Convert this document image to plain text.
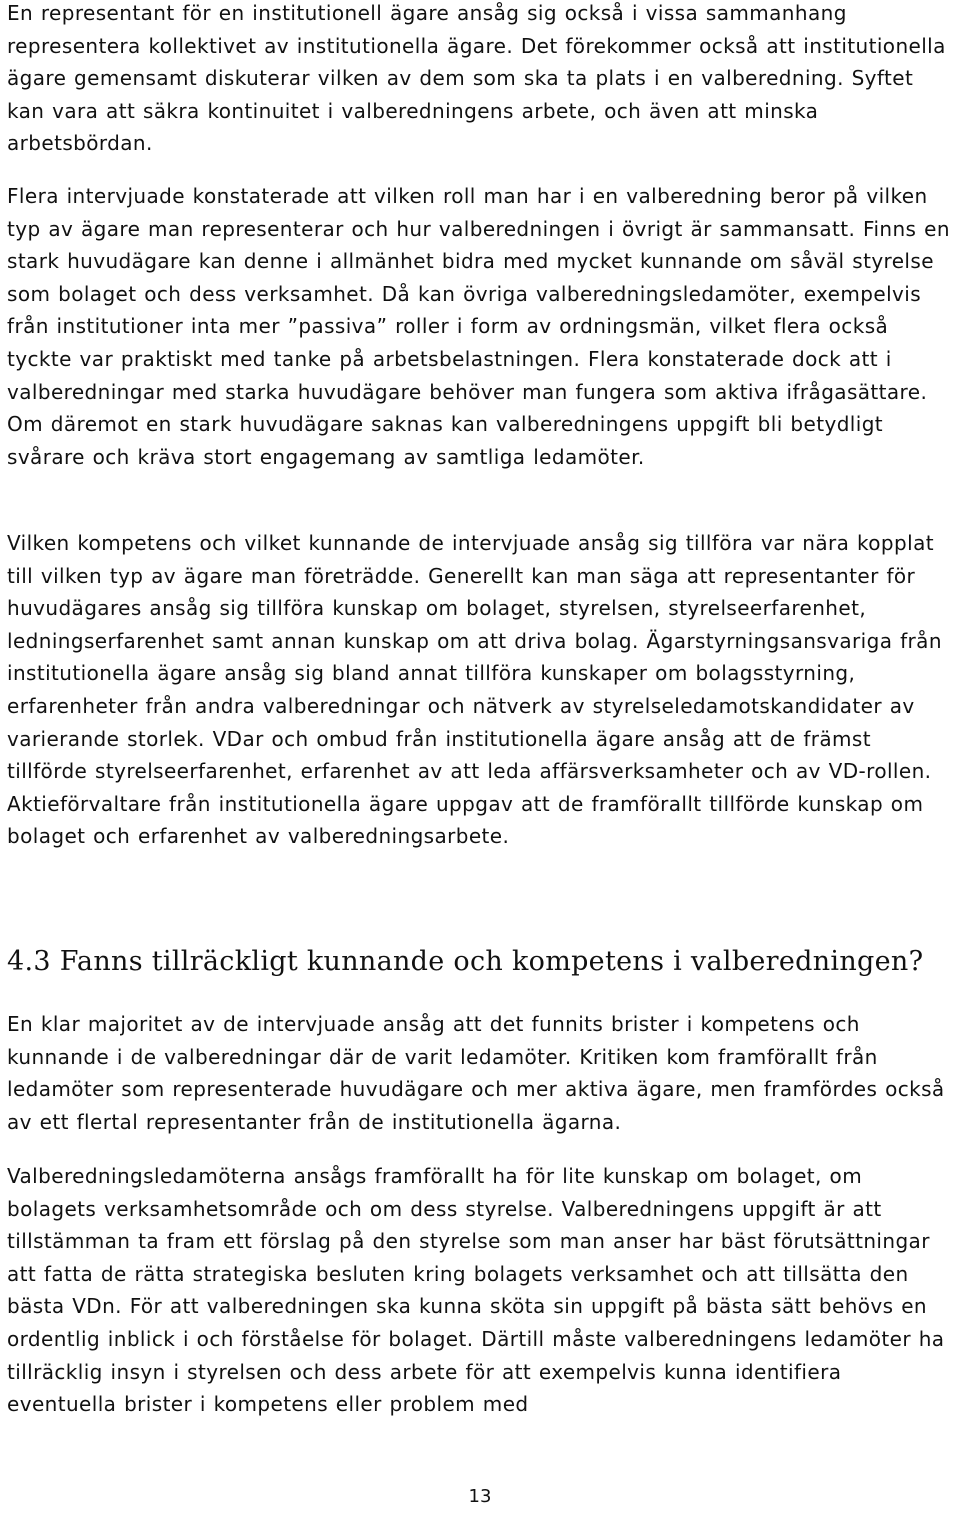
En representant för en institutionell ägare ansåg sig också i vissa sammanhang representera kollektivet av institutionella ägare. Det förekommer också att institutionella ägare gemensamt diskuterar vilken av dem som ska ta plats i en valberedning. Syftet kan vara att säkra kontinuitet i valberedningens arbete, och även att minska arbetsbördan.

Flera intervjuade konstaterade att vilken roll man har i en valberedning beror på vilken typ av ägare man representerar och hur valberedningen i övrigt är sammansatt. Finns en stark huvudägare kan denne i allmänhet bidra med mycket kunnande om såväl styrelse som bolaget och dess verksamhet. Då kan övriga valberedningsledamöter, exempelvis från institutioner inta mer ”passiva” roller i form av ordningsmän, vilket flera också tyckte var praktiskt med tanke på arbetsbelastningen. Flera konstaterade dock att i valberedningar med starka huvudägare behöver man fungera som aktiva ifrågasättare. Om däremot en stark huvudägare saknas kan valberedningens uppgift bli betydligt svårare och kräva stort engagemang av samtliga ledamöter.

Vilken kompetens och vilket kunnande de intervjuade ansåg sig tillföra var nära kopplat till vilken typ av ägare man företrädde. Generellt kan man säga att representanter för huvudägares ansåg sig tillföra kunskap om bolaget, styrelsen, styrelseerfarenhet, ledningserfarenhet samt annan kunskap om att driva bolag. Ägarstyrningsansvariga från institutionella ägare ansåg sig bland annat tillföra kunskaper om bolagsstyrning, erfarenheter från andra valberedningar och nätverk av styrelseledamotskandidater av varierande storlek. VDar och ombud från institutionella ägare ansåg att de främst tillförde styrelseerfarenhet, erfarenhet av att leda affärsverksamheter och av VD-rollen. Aktieförvaltare från institutionella ägare uppgav att de framförallt tillförde kunskap om bolaget och erfarenhet av valberedningsarbete.

4.3 Fanns tillräckligt kunnande och kompetens i valberedningen?

En klar majoritet av de intervjuade ansåg att det funnits brister i kompetens och kunnande i de valberedningar där de varit ledamöter. Kritiken kom framförallt från ledamöter som representerade huvudägare och mer aktiva ägare, men framfördes också av ett flertal representanter från de institutionella ägarna.

Valberedningsledamöterna ansågs framförallt ha för lite kunskap om bolaget, om bolagets verksamhetsområde och om dess styrelse. Valberedningens uppgift är att tillstämman ta fram ett förslag på den styrelse som man anser har bäst förutsättningar att fatta de rätta strategiska besluten kring bolagets verksamhet och att tillsätta den bästa VDn. För att valberedningen ska kunna sköta sin uppgift på bästa sätt behövs en ordentlig inblick i och förståelse för bolaget. Därtill måste valberedningens ledamöter ha tillräcklig insyn i styrelsen och dess arbete för att exempelvis kunna identifiera eventuella brister i kompetens eller problem med

13
